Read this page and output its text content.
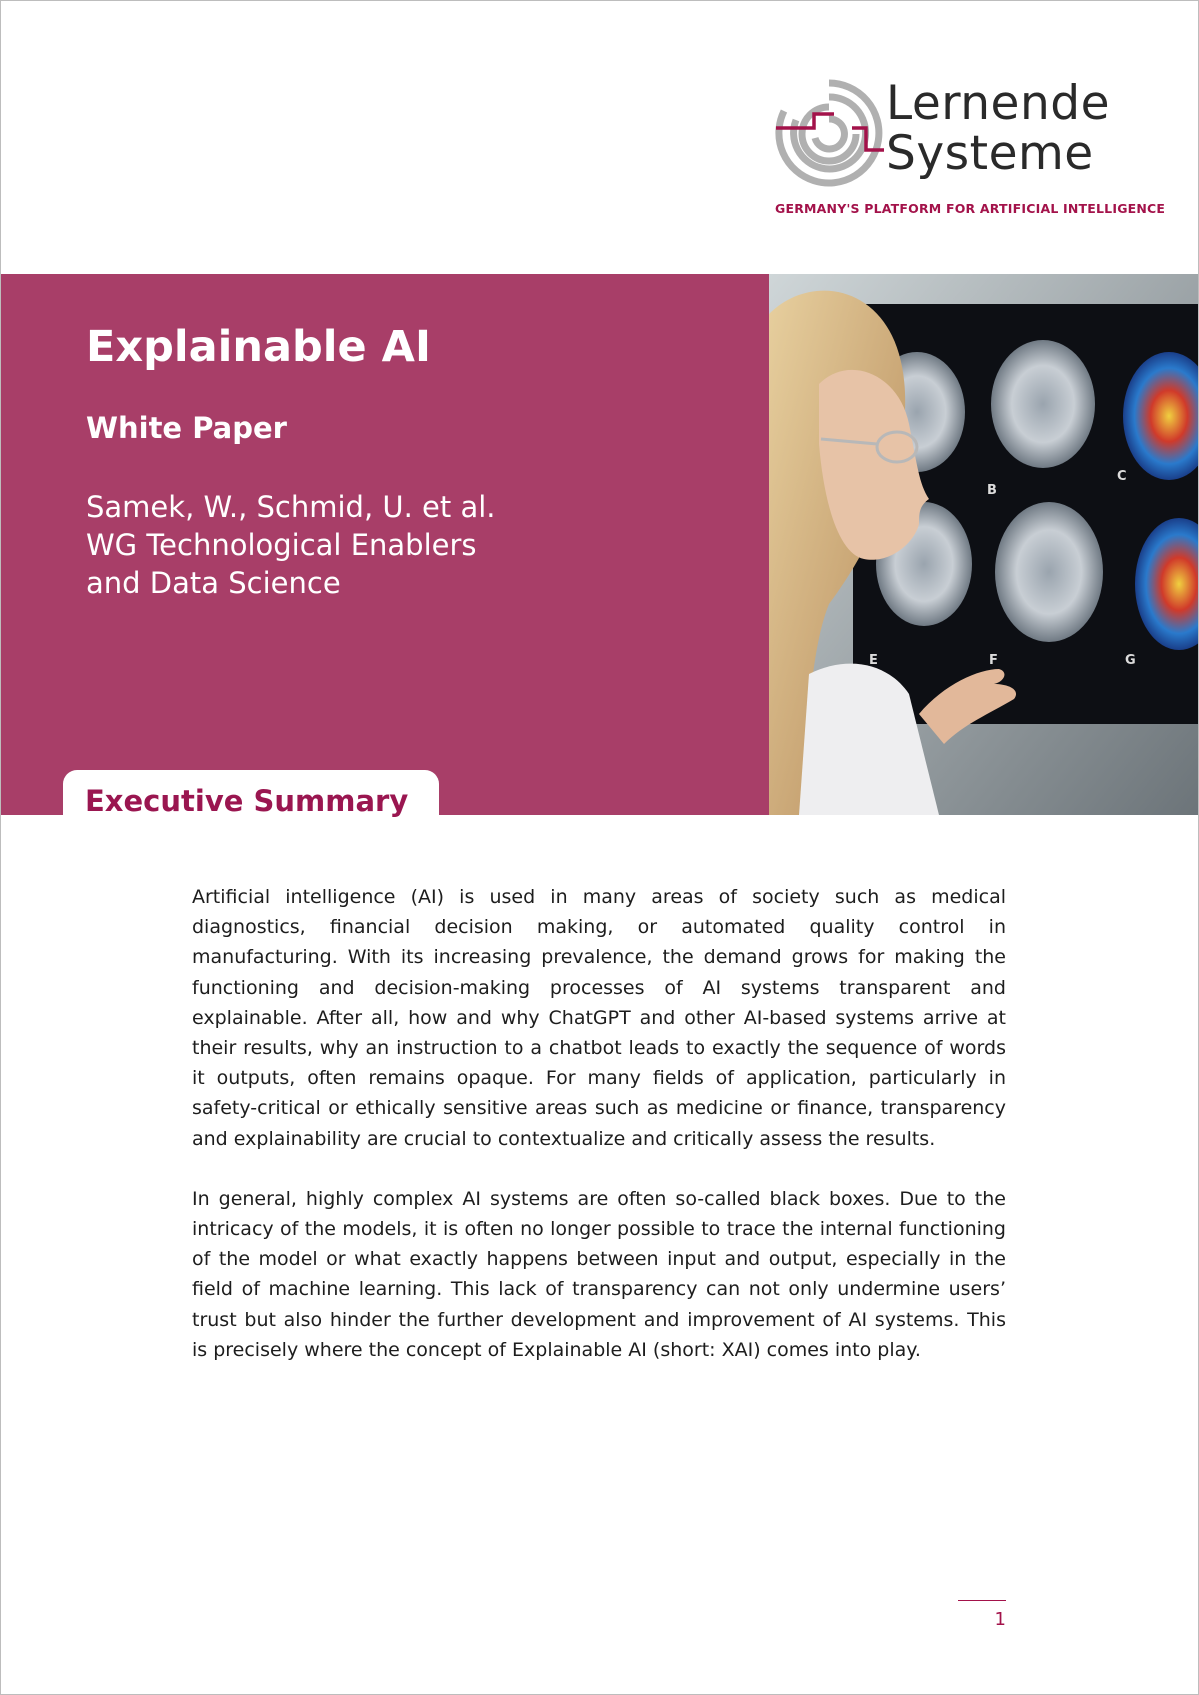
Lernende
Systeme
GERMANY'S PLATFORM FOR ARTIFICIAL INTELLIGENCE
Explainable AI
White Paper
Samek, W., Schmid, U. et al.
WG Technological Enablers
and Data Science
Executive Summary
B
C
E	F	G

Artificial intelligence (AI) is used in many areas of society such as medical diagnostics, financial decision making, or automated quality control in manufacturing. With its increasing prevalence, the demand grows for making the functioning and decision-making processes of AI systems transparent and explainable. After all, how and why ChatGPT and other AI-based systems arrive at their results, why an instruction to a chatbot leads to exactly the sequence of words it outputs, often remains opaque. For many fields of application, particularly in safety-critical or ethically sensitive areas such as medicine or finance, transparency and explainability are crucial to contextualize and critically assess the results.

In general, highly complex AI systems are often so-called black boxes. Due to the intricacy of the models, it is often no longer possible to trace the internal functioning of the model or what exactly happens between input and output, especially in the field of machine learning. This lack of transparency can not only undermine users’ trust but also hinder the further development and improvement of AI systems. This is precisely where the concept of Explainable AI (short: XAI) comes into play.

1
